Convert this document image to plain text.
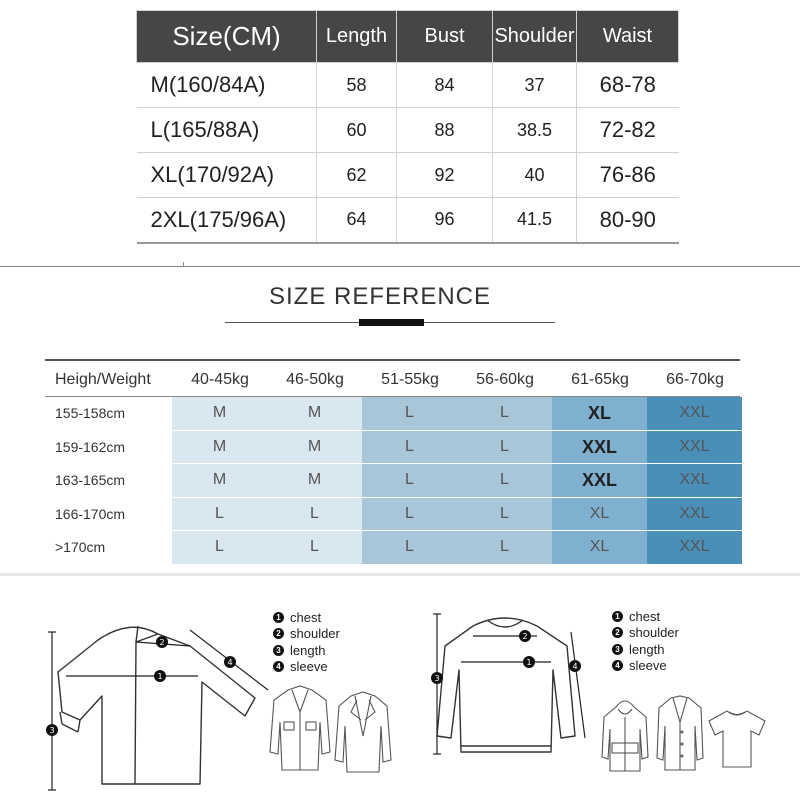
Size(CM)	Length	Bust	Shoulder	Waist
M(160/84A)	58	84	37	68-78
L(165/88A)	60	88	38.5	72-82
XL(170/92A)	62	92	40	76-86
2XL(175/96A)	64	96	41.5	80-90
SIZE REFERENCE
Heigh/Weight	40-45kg	46-50kg	51-55kg	56-60kg	61-65kg	66-70kg
155-158cm	M	M	L	L	XL	XXL
159-162cm	M	M	L	L	XXL	XXL
163-165cm	M	M	L	L	XXL	XXL
166-170cm	L	L	L	L	XL	XXL
>170cm	L	L	L	L	XL	XXL
1
2
3
4
1 chest
2 shoulder
3 length
4 sleeve	1
2
3
4
1 chest
2 shoulder
3 length
4 sleeve
